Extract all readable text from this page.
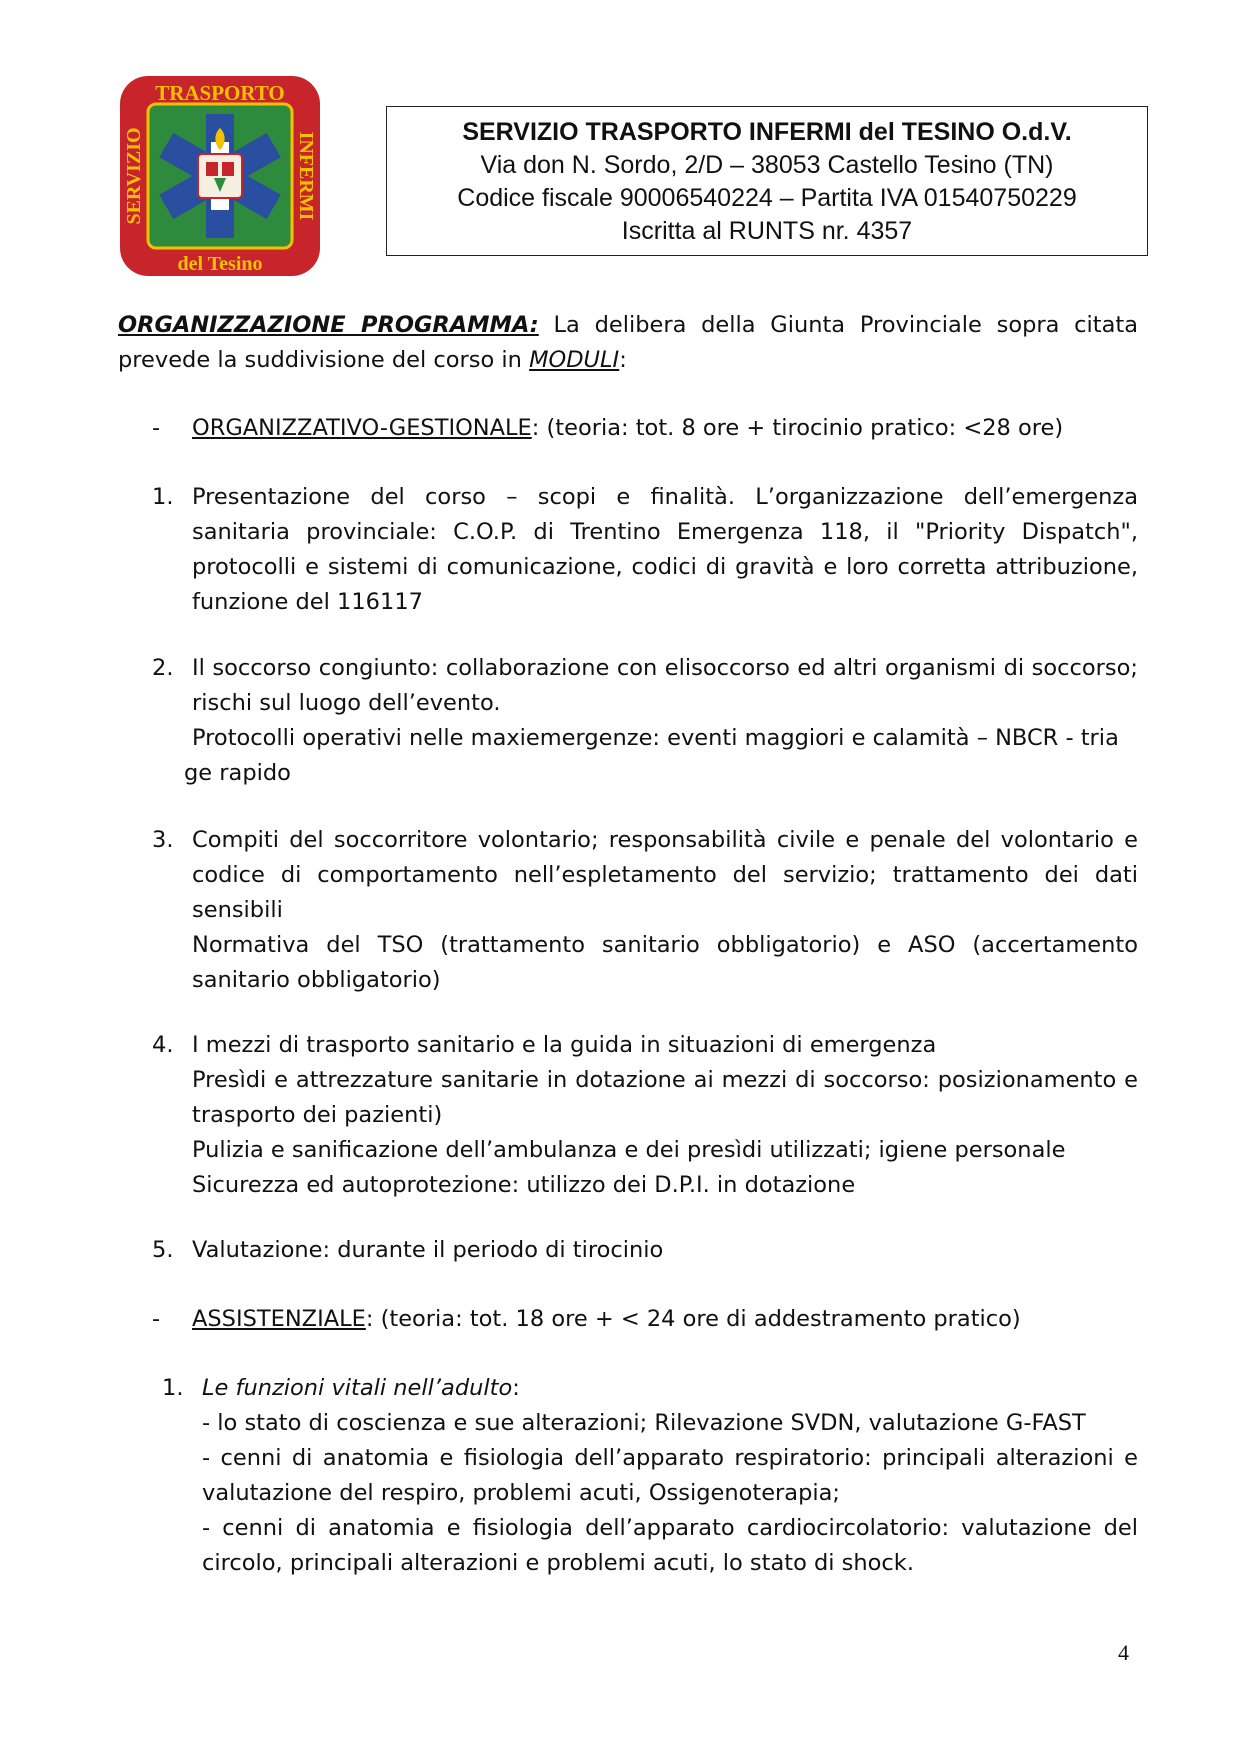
TRASPORTO
del Tesino
SERVIZIO	INFERMI	SERVIZIO TRASPORTO INFERMI del TESINO O.d.V.
Via don N. Sordo, 2/D – 38053 Castello Tesino (TN)
Codice fiscale 90006540224 – Partita IVA 01540750229
Iscritta al RUNTS nr. 4357
ORGANIZZAZIONE PROGRAMMA: La delibera della Giunta Provinciale sopra citata prevede la suddivisione del corso in MODULI:
- ORGANIZZATIVO-GESTIONALE: (teoria: tot. 8 ore + tirocinio pratico: <28 ore)
1. Presentazione del corso – scopi e finalità. L’organizzazione dell’emergenza sanitaria provinciale: C.O.P. di Trentino Emergenza 118, il "Priority Dispatch", protocolli e sistemi di comunicazione, codici di gravità e loro corretta attribuzione, funzione del 116117
2. Il soccorso congiunto: collaborazione con elisoccorso ed altri organismi di soccorso; rischi sul luogo dell’evento.
Protocolli operativi nelle maxiemergenze: eventi maggiori e calamità – NBCR - tria
ge rapido
3. Compiti del soccorritore volontario; responsabilità civile e penale del volontario e codice di comportamento nell’espletamento del servizio; trattamento dei dati sensibili
Normativa del TSO (trattamento sanitario obbligatorio) e ASO (accertamento sanitario obbligatorio)
4. I mezzi di trasporto sanitario e la guida in situazioni di emergenza
Presìdi e attrezzature sanitarie in dotazione ai mezzi di soccorso: posizionamento e trasporto dei pazienti)
Pulizia e sanificazione dell’ambulanza e dei presìdi utilizzati; igiene personale
Sicurezza ed autoprotezione: utilizzo dei D.P.I. in dotazione
5. Valutazione: durante il periodo di tirocinio
- ASSISTENZIALE: (teoria: tot. 18 ore + < 24 ore di addestramento pratico)
1. Le funzioni vitali nell’adulto:
- lo stato di coscienza e sue alterazioni; Rilevazione SVDN, valutazione G-FAST
- cenni di anatomia e fisiologia dell’apparato respiratorio: principali alterazioni e valutazione del respiro, problemi acuti, Ossigenoterapia;
- cenni di anatomia e fisiologia dell’apparato cardiocircolatorio: valutazione del circolo, principali alterazioni e problemi acuti, lo stato di shock.
4
